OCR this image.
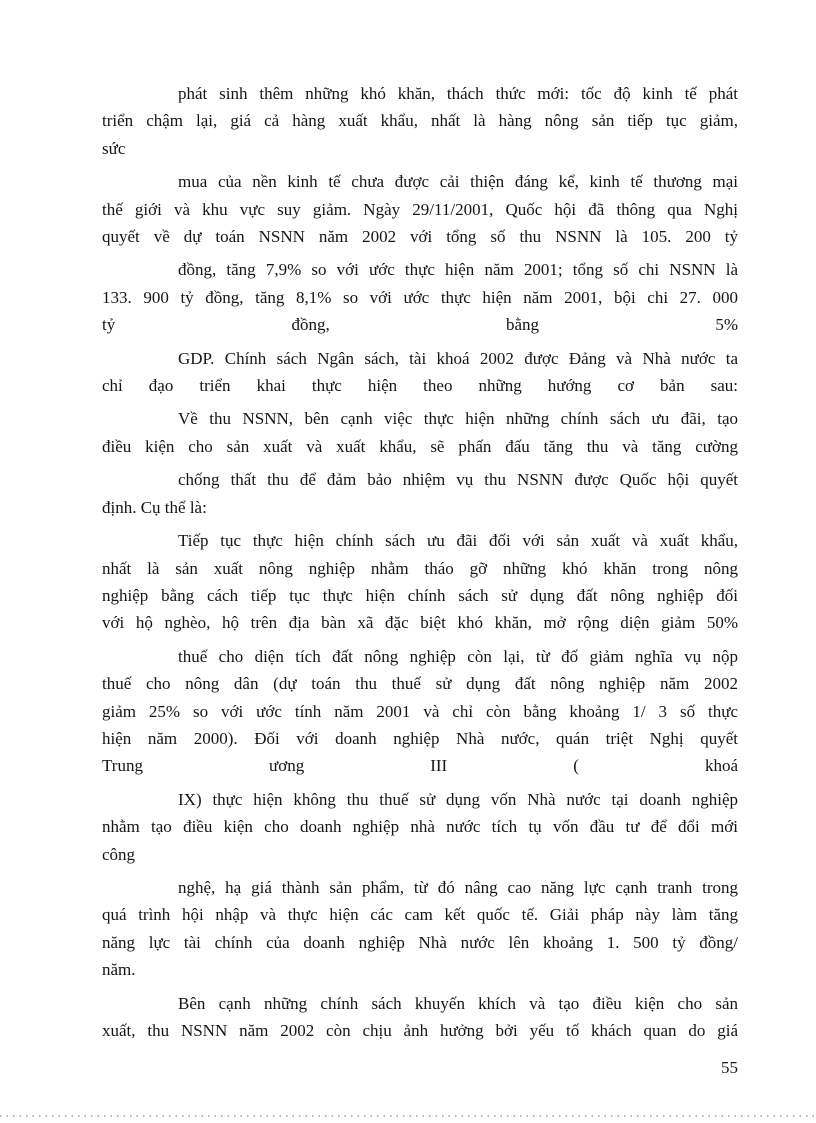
phát sinh thêm những khó khăn, thách thức mới: tốc độ kinh tế phát
triển chậm lại, giá cả hàng xuất khẩu, nhất là hàng nông sản tiếp tục giảm,
sức
mua của nền kinh tế chưa được cải thiện đáng kể, kinh tế thương mại
thế giới và khu vực suy giảm. Ngày 29/11/2001, Quốc hội đã thông qua Nghị
quyết về dự toán NSNN năm 2002 với tổng số thu NSNN là 105. 200 tỷ
đồng, tăng 7,9% so với ước thực hiện năm 2001; tổng số chi NSNN là
133. 900 tỷ đồng, tăng 8,1% so với ước thực hiện năm 2001, bội chi 27. 000
tỷ đồng, bằng 5%
GDP. Chính sách Ngân sách, tài khoá 2002 được Đảng và Nhà nước ta
chỉ đạo triển khai thực hiện theo những hướng cơ bản sau:
Về thu NSNN, bên cạnh việc thực hiện những chính sách ưu đãi, tạo
điều kiện cho sản xuất và xuất khẩu, sẽ phấn đấu tăng thu và tăng cường
chống thất thu để đảm bảo nhiệm vụ thu NSNN được Quốc hội quyết
định. Cụ thể là:
Tiếp tục thực hiện chính sách ưu đãi đối với sản xuất và xuất khẩu,
nhất là sản xuất nông nghiệp nhằm tháo gỡ những khó khăn trong nông
nghiệp bằng cách tiếp tục thực hiện chính sách sử dụng đất nông nghiệp đối
với hộ nghèo, hộ trên địa bàn xã đặc biệt khó khăn, mở rộng diện giảm 50%
thuế cho diện tích đất nông nghiệp còn lại, từ đố giảm nghĩa vụ nộp
thuế cho nông dân (dự toán thu thuế sử dụng đất nông nghiệp năm 2002
giảm 25% so với ước tính năm 2001 và chỉ còn bằng khoảng 1/ 3 số thực
hiện năm 2000). Đối với doanh nghiệp Nhà nước, quán triệt Nghị quyết
Trung ương III ( khoá
IX) thực hiện không thu thuế sử dụng vốn Nhà nước tại doanh nghiệp
nhằm tạo điều kiện cho doanh nghiệp nhà nước tích tụ vốn đầu tư để đổi mới
công
nghệ, hạ giá thành sản phẩm, từ đó nâng cao năng lực cạnh tranh trong
quá trình hội nhập và thực hiện các cam kết quốc tế. Giải pháp này làm tăng
năng lực tài chính của doanh nghiệp Nhà nước lên khoảng 1. 500 tỷ đồng/
năm.
Bên cạnh những chính sách khuyến khích và tạo điều kiện cho sản
xuất, thu NSNN năm 2002 còn chịu ảnh hưởng bởi yếu tố khách quan do giá
55
